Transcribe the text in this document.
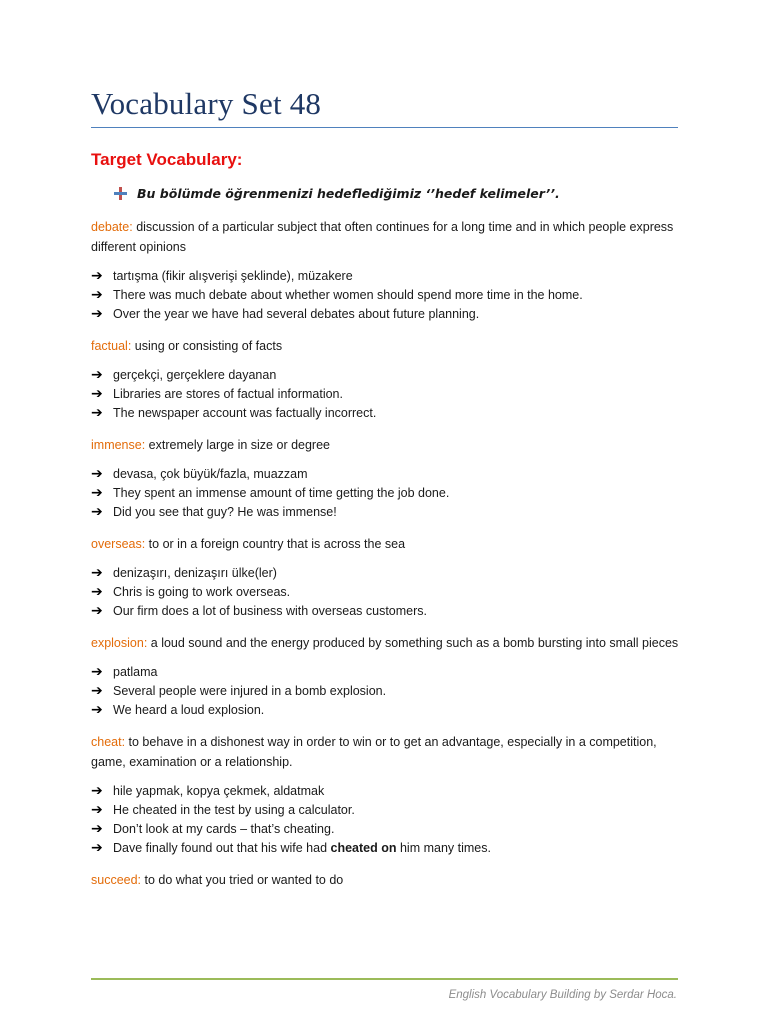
Vocabulary Set 48
Target Vocabulary:
Bu bölümde öğrenmenizi hedeflediğimiz ‘’hedef kelimeler’’.

debate: discussion of a particular subject that often continues for a long time and in which people express different opinions

➔ tartışma (fikir alışverişi şeklinde), müzakere
➔ There was much debate about whether women should spend more time in the home.
➔ Over the year we have had several debates about future planning.

factual: using or consisting of facts

➔ gerçekçi, gerçeklere dayanan
➔ Libraries are stores of factual information.
➔ The newspaper account was factually incorrect.

immense: extremely large in size or degree

➔ devasa, çok büyük/fazla, muazzam
➔ They spent an immense amount of time getting the job done.
➔ Did you see that guy? He was immense!

overseas: to or in a foreign country that is across the sea

➔ denizaşırı, denizaşırı ülke(ler)
➔ Chris is going to work overseas.
➔ Our firm does a lot of business with overseas customers.

explosion: a loud sound and the energy produced by something such as a bomb bursting into small pieces

➔ patlama
➔ Several people were injured in a bomb explosion.
➔ We heard a loud explosion.

cheat: to behave in a dishonest way in order to win or to get an advantage, especially in a competition, game, examination or a relationship.

➔ hile yapmak, kopya çekmek, aldatmak
➔ He cheated in the test by using a calculator.
➔ Don’t look at my cards – that’s cheating.
➔ Dave finally found out that his wife had cheated on him many times.

succeed: to do what you tried or wanted to do

English Vocabulary Building by Serdar Hoca.
